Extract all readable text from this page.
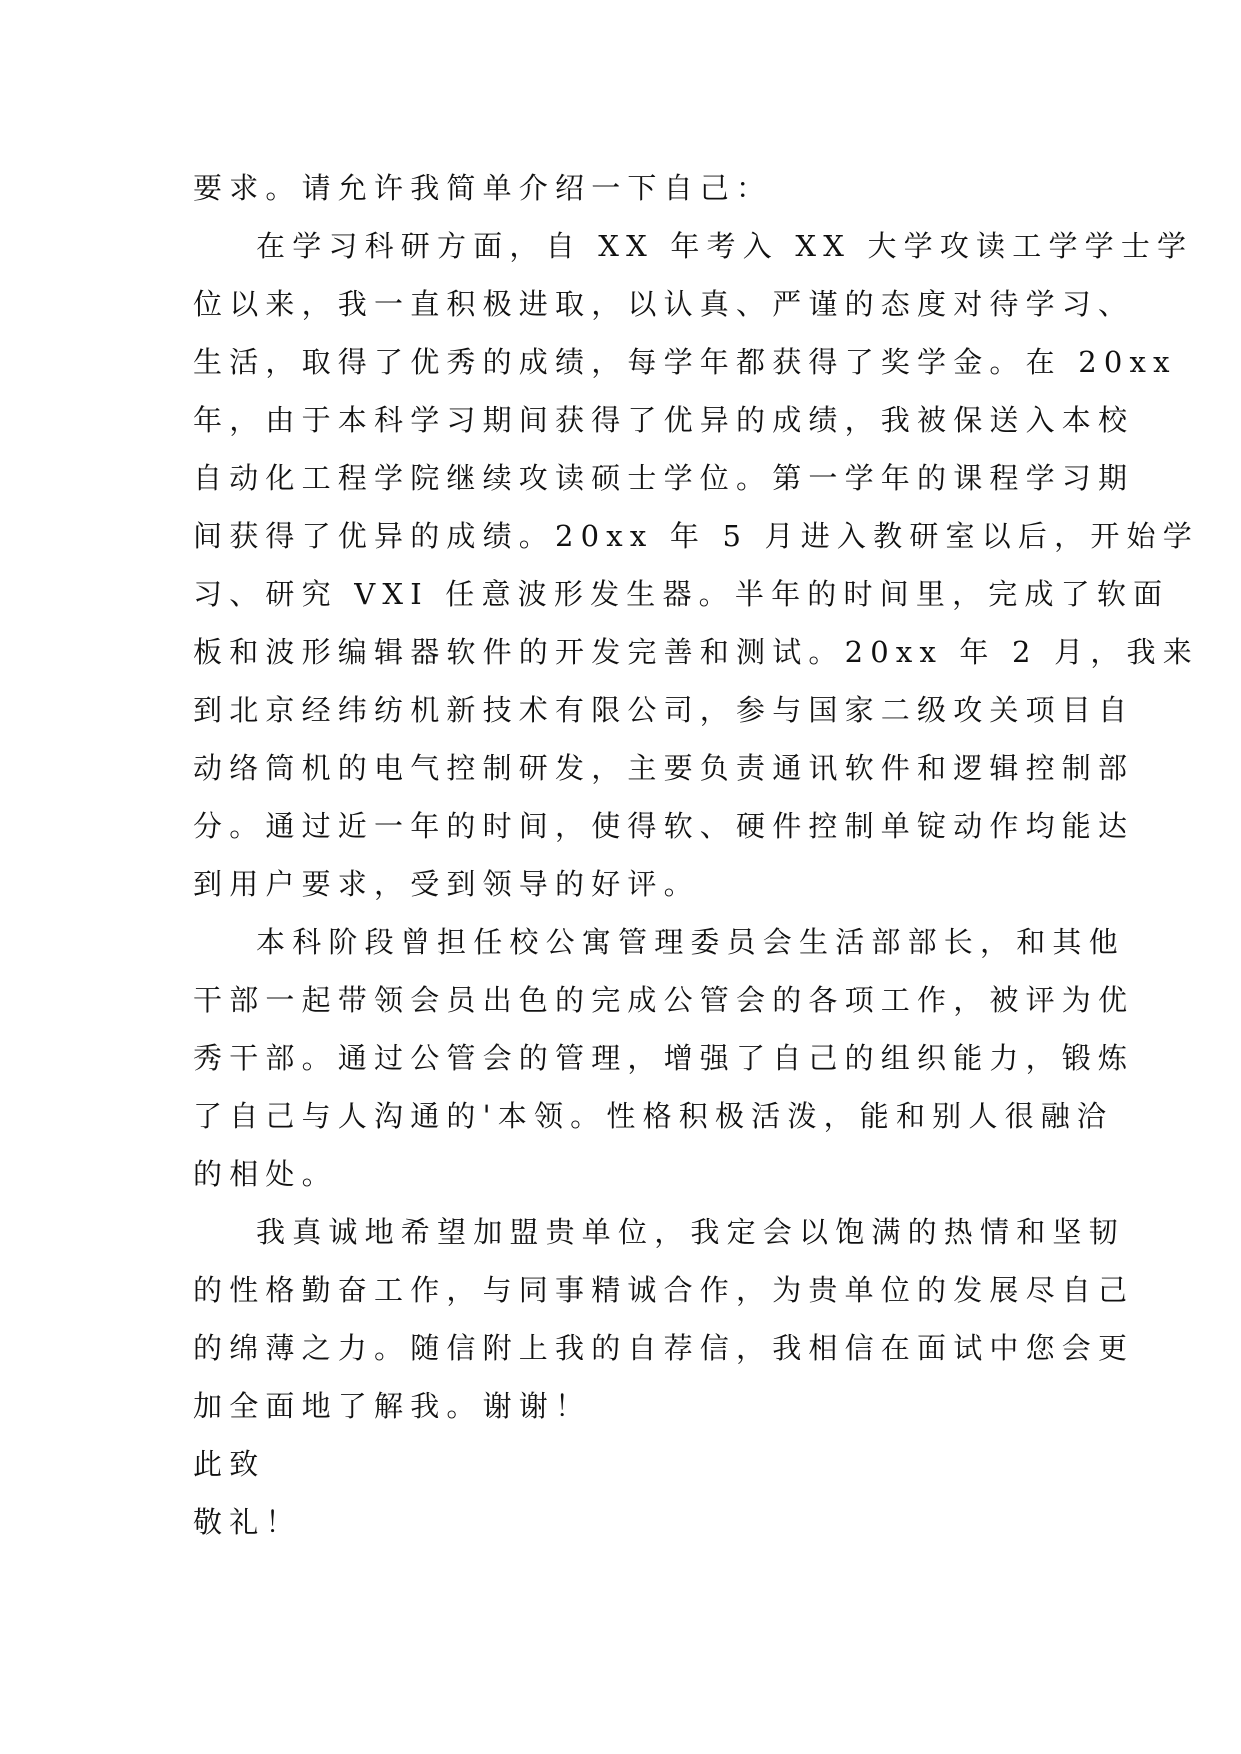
要求。请允许我简单介绍一下自己：

在学习科研方面，自 XX 年考入 XX 大学攻读工学学士学

位以来，我一直积极进取，以认真、严谨的态度对待学习、

生活，取得了优秀的成绩，每学年都获得了奖学金。在 20xx

年，由于本科学习期间获得了优异的成绩，我被保送入本校

自动化工程学院继续攻读硕士学位。第一学年的课程学习期

间获得了优异的成绩。20xx 年 5 月进入教研室以后，开始学

习、研究 VXI 任意波形发生器。半年的时间里，完成了软面

板和波形编辑器软件的开发完善和测试。20xx 年 2 月，我来

到北京经纬纺机新技术有限公司，参与国家二级攻关项目自

动络筒机的电气控制研发，主要负责通讯软件和逻辑控制部

分。通过近一年的时间，使得软、硬件控制单锭动作均能达

到用户要求，受到领导的好评。

本科阶段曾担任校公寓管理委员会生活部部长，和其他

干部一起带领会员出色的完成公管会的各项工作，被评为优

秀干部。通过公管会的管理，增强了自己的组织能力，锻炼

了自己与人沟通的'本领。性格积极活泼，能和别人很融洽

的相处。

我真诚地希望加盟贵单位，我定会以饱满的热情和坚韧

的性格勤奋工作，与同事精诚合作，为贵单位的发展尽自己

的绵薄之力。随信附上我的自荐信，我相信在面试中您会更

加全面地了解我。谢谢！

此致

敬礼！
